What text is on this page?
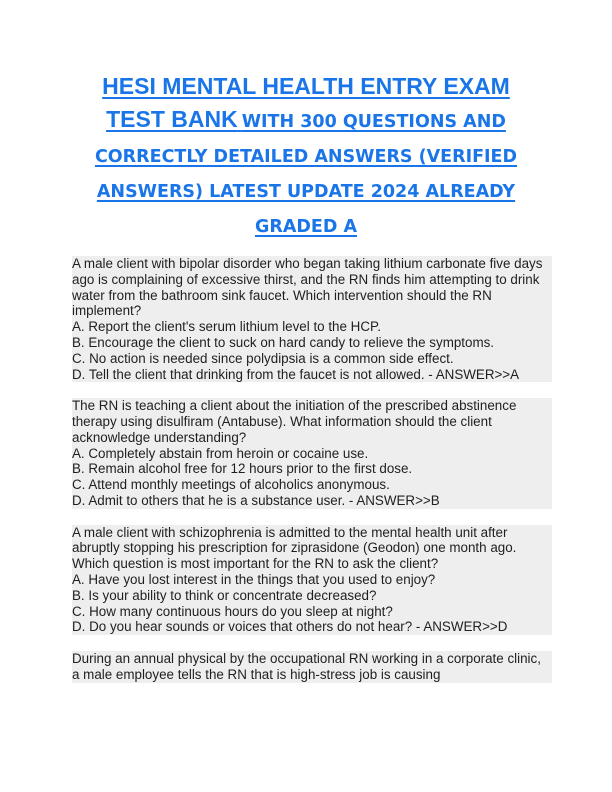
HESI MENTAL HEALTH ENTRY EXAM
TEST BANK WITH 300 QUESTIONS AND
CORRECTLY DETAILED ANSWERS (VERIFIED
ANSWERS) LATEST UPDATE 2024 ALREADY
GRADED A

A male client with bipolar disorder who began taking lithium carbonate five days ago is complaining of excessive thirst, and the RN finds him attempting to drink water from the bathroom sink faucet. Which intervention should the RN implement?

A. Report the client's serum lithium level to the HCP.

B. Encourage the client to suck on hard candy to relieve the symptoms.

C. No action is needed since polydipsia is a common side effect.

D. Tell the client that drinking from the faucet is not allowed. - ANSWER>>A

The RN is teaching a client about the initiation of the prescribed abstinence therapy using disulfiram (Antabuse). What information should the client acknowledge understanding?

A. Completely abstain from heroin or cocaine use.

B. Remain alcohol free for 12 hours prior to the first dose.

C. Attend monthly meetings of alcoholics anonymous.

D. Admit to others that he is a substance user. - ANSWER>>B

A male client with schizophrenia is admitted to the mental health unit after abruptly stopping his prescription for ziprasidone (Geodon) one month ago. Which question is most important for the RN to ask the client?

A. Have you lost interest in the things that you used to enjoy?

B. Is your ability to think or concentrate decreased?

C. How many continuous hours do you sleep at night?

D. Do you hear sounds or voices that others do not hear? - ANSWER>>D

During an annual physical by the occupational RN working in a corporate clinic, a male employee tells the RN that is high-stress job is causing
